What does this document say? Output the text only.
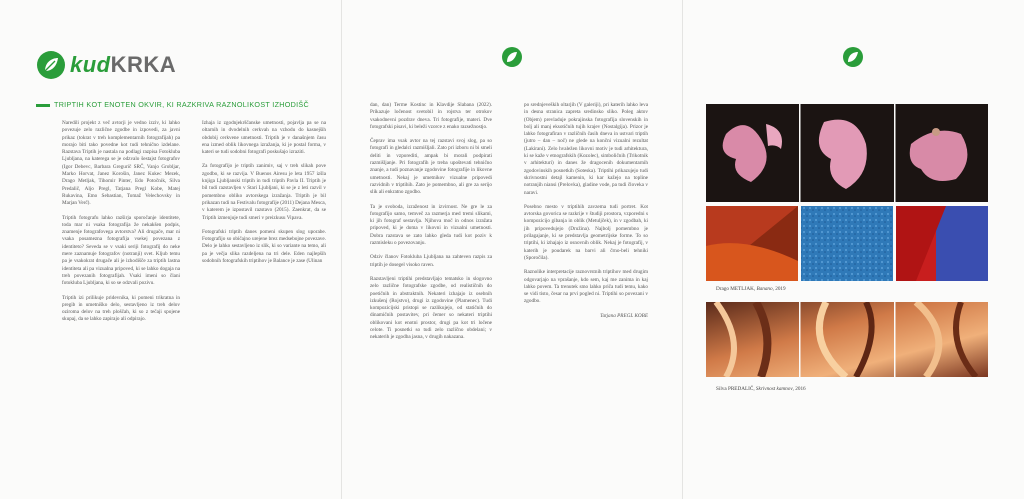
kudKRKA
TRIPTIH KOT ENOTEN OKVIR, KI RAZKRIVA RAZNOLIKOST IZHODIŠČ

Naredili projekt z več avtorji je vedno izziv, ki lahko povezuje zelo različne zgodbe in izpovedi, za javni prikaz (tokrat v treh komplementarnih fotografijah) pa morajo biti tako povedne kot tudi tehnično izdelane. Razstava Triptih je nastala na podlagi razpisa Fotokluba Ljubljana, na katerega se je odzvalo šestajst fotografov (Igor Debevc, Barbara Gregurič SRČ, Vanjo Grobljar, Marko Horvat, Janez Korošin, Janez Kukec Mezek, Drago Metljak, Tihomir Pinter, Edo Potočnik, Silva Predalič, Aljo Pregl, Tatjana Pregl Kobe, Matej Rukavina, Emo Sebastian, Tomaž Velechovsky in Marjan Verč).

Triptih fotografu lahko razširja sporočanje identitete, toda mar ni vsaka fotografija že nekakšen podpis, znamenje fotografovega avtorstva? Ali drugače, mar ni vsaka posamezna fotografija vsekej povezana z identiteto? Seveda se v vsaki seriji fotografij do neke mere zaznamuje fotografov (notranji) svet. Kljub temu pa je vsakokrat drugače ali je izhodišče za triptih lastna identiteta ali pa vizualna pripoved, ki se lahko dogaja na treh povezanih fotografijah. Vsaki imeni so člani fotokluba Ljubljana, ki so se odzvali pozivu.

Triptih izi prilikuje pridevnika, ki pomeni trikratna in pregib in umetniško delo, sestavljeno iz treh delov oziroma delov na treh ploščah, ki so z tečaji spojene skupaj, da se lahko zapirajo ali odpirajo.

Izhaja iz zgodnjekrščanske umetnosti, pojavlja pa se na oltarnih in dvodelnih cerkvah na vzhodu do kasnejših obdobij cerkvene umetnosti. Triptih je v današnjem času ena izmed oblik likovnega izražanja, ki je postal forma, v kateri se tudi sodobni fotografi poskušajo izraziti.

Za fotografijo je triptih zanimiv, saj v treh slikah pove zgodbo, ki se razvija. V Buenos Airesu je leta 1957 izšla knjiga Ljubljanski triptih in tudi triptih Pavla II. Triptih je bil tudi razstavljen v Stari Ljubljani, ki se je z leti razvil v pomembno obliko avtorskega izražanja. Triptih je bil prikazan tudi na Festivalu fotografije (2011) Dejana Mesca, v katerem je izpostavil razstavo (2015). Zaenkrat, da se Triptih izmenjuje tudi smeri v preizkusu Vipava.

Fotografski triptih danes pomeni skupen slog uporabe. Fotografijo so običajno urejene brez medsebojne povezave. Delo je lahko sestavljeno iz slik, ki so variante na temo, ali pa je večja slika razdeljena na tri dele. Eden najlepših sodobnih fotografskih triptihov je Balance je zase (Ulinan

dan, dan) Terme Kostinc in Klavdije Slabana (2022). Prikazuje ločenost svetobil in rojstva ter otrokov vsakodnevni pozdrav dneva. Tri fotografije, materi. Dve fotografski pisavi, ki beleži vzorce z enako razsežnostjo.

Čeprav ima vsak avtor na tej razstavi svoj slog, pa so fotografi in gledalci razmišljali. Zato pri izboru ni bi smeli deliti in vzporediti, ampak bi morali podpirati razmišljanje. Pri fotografih je treba upoštevati tehnično znanje, a tudi poznavanje zgodovine fotografije in likovne umetnosti. Nekaj je umetnikov vizualne pripovedi razvidnih v triptihih. Zato je pomembno, ali gre za serijo slik ali enkratno zgodbo.

Ta je svoboda, izraženost in izvirnost. Ne gre le za fotografijo samo, temveč za razmerja med tremi slikami, ki jih fotograf sestavlja. Njihova moč in odnos izražata pripoved, ki je doma v likovni in vizualni umetnosti. Dobra razstava se zato lahko gleda tudi kot poziv k razmisleku o povezovanju.

Odziv članov Fotokluba Ljubljana na zahteven razpis za triptih je dosegel visoko raven.

Razstavljeni triptihi predstavljajo tematsko in slogovno zelo različne fotografske zgodbe, od realističnih do poetičnih in abstraktnih. Nekateri izhajajo iz osebnih izkušenj (Rojstvo), drugi iz zgodovine (Plamenec). Tudi kompozicijski pristopi se razlikujejo, od statičnih do dinamičnih postavitev, pri čemer so nekateri triptihi oblikovani kot enotni prostor, drugi pa kot tri ločene celote. Ti posnetki so tudi zelo različno obdelani; v nekaterih je zgodba jasna, v drugih nakazana.

po srednjeveških oltarjih (V galeriji), pri katerih lahko leva in desna stranica zapreta sredinsko sliko. Poleg aktov (Objem) prevladuje pokrajinska fotografija slovenskih in bolj ali manj eksotičnih tujih krajev (Nostalgija). Prizor je lahko fotografiran v različnih časih dneva in ustvari triptih (jutro – dan – noč) ne glede na končni vizualni rezultat (Lakirani). Zelo hvaležen likovni motiv je tudi arhitektura, ki se kaže v etnografskih (Kozolec), simboličnih (Trikotnik v arhitekturi) in danes že dragocenih dokumentarnih zgodovinskih posnetkih (Soteska). Triptihi prikazujejo tudi skrivnostni detajl kamenin, ki kar kažejo na topline notranjih niansi (Prelovka), gladine vode, pa tudi človeka v naravi.

Posebno mesto v triptihih zavzema tudi portret. Kot avtorska govorica se razkrije v študiji prostora, vzporedni s kompozicijo gibanja in oblik (Metuljček), in v zgodbah, ki jih pripovedujejo (Družina). Najbolj pomembno je prilagajanje, ki se predstavlja geometrijske forme. To so triptihi, ki izhajajo iz osnovnih oblik. Nekaj je fotografij, v katerih je poudarek na barvi ali črno-beli tehniki (Sporočila).

Raznolike interpretacije raznovrstnih triptihov med drugim odgovarjajo na vprašanje, kdo sem, kaj me zanima in kaj lahko povem. Ta trenutek smo lahko priča tudi temu, kako se vidi tisto, česar na prvi pogled ni. Triptihi so povezani v zgodbo.

Tatjana PREGL KOBE
Drago METLJAK, Banano, 2019
Silva PREDALIČ, Skrivnost kamnov, 2016
